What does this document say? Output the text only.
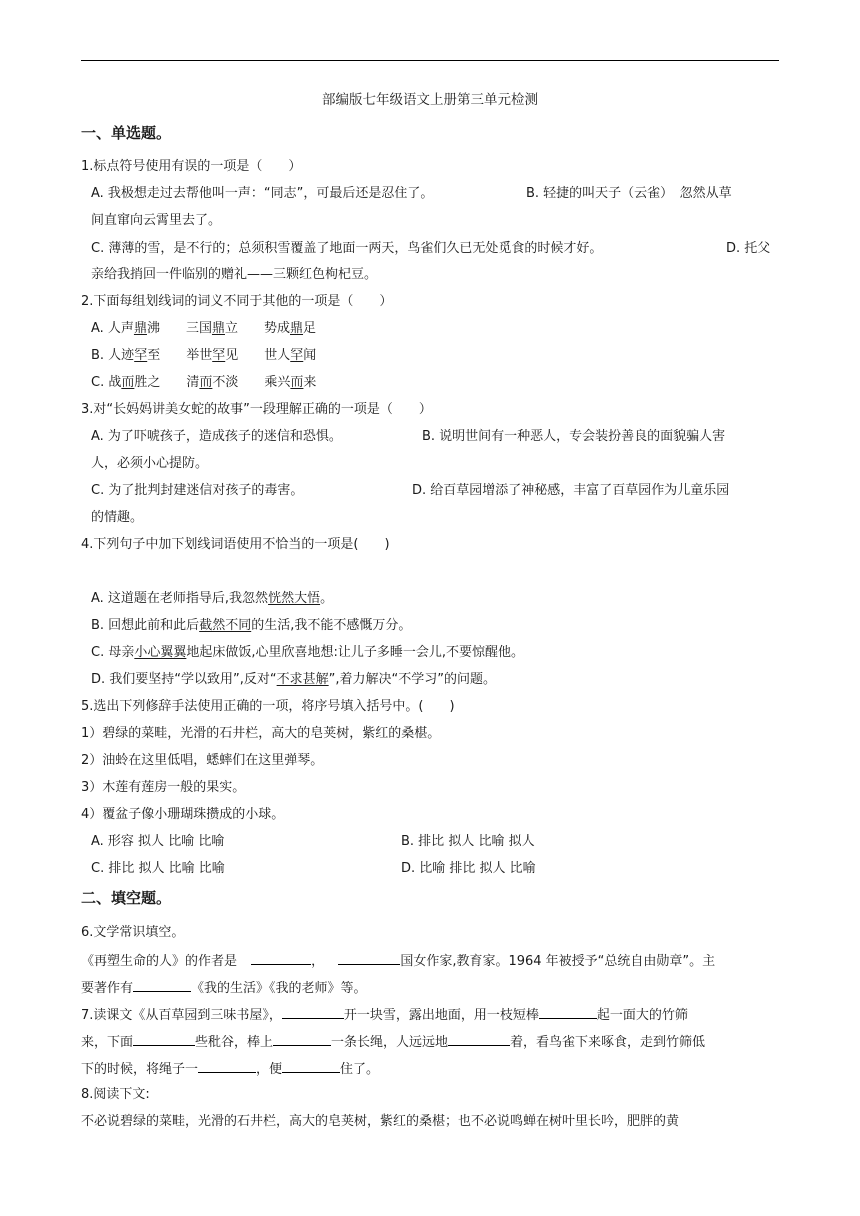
部编版七年级语文上册第三单元检测
一、单选题。
1.标点符号使用有误的一项是（　　）
A. 我极想走过去帮他叫一声：“同志”，可最后还是忍住了。	B. 轻捷的叫天子（云雀）　忽然从草
间直窜向云霄里去了。
C. 薄薄的雪，是不行的；总须积雪覆盖了地面一两天，鸟雀们久已无处觅食的时候才好。	D. 托父
亲给我捎回一件临别的赠礼——三颗红色枸杞豆。
2.下面每组划线词的词义不同于其他的一项是（　　）
A. 人声鼎沸　　三国鼎立　　势成鼎足
B. 人迹罕至　　举世罕见　　世人罕闻
C. 战而胜之　　清而不淡　　乘兴而来
3.对“长妈妈讲美女蛇的故事”一段理解正确的一项是（　　）
A. 为了吓唬孩子，造成孩子的迷信和恐惧。	B. 说明世间有一种恶人，专会装扮善良的面貌骗人害
人，必须小心提防。
C. 为了批判封建迷信对孩子的毒害。	D. 给百草园增添了神秘感，丰富了百草园作为儿童乐园
的情趣。
4.下列句子中加下划线词语使用不恰当的一项是(　　)
A. 这道题在老师指导后,我忽然恍然大悟。
B. 回想此前和此后截然不同的生活,我不能不感慨万分。
C. 母亲小心翼翼地起床做饭,心里欣喜地想:让儿子多睡一会儿,不要惊醒他。
D. 我们要坚持“学以致用”,反对“不求甚解”,着力解决“不学习”的问题。
5.选出下列修辞手法使用正确的一项，将序号填入括号中。(　　)
1）碧绿的菜畦，光滑的石井栏，高大的皂荚树，紫红的桑椹。
2）油蛉在这里低唱，蟋蟀们在这里弹琴。
3）木莲有莲房一般的果实。
4）覆盆子像小珊瑚珠攒成的小球。
A. 形容 拟人 比喻 比喻	B. 排比 拟人 比喻 拟人
C. 排比 拟人 比喻 比喻	D. 比喻 排比 拟人 比喻
二、填空题。
6.文学常识填空。
《再塑生命的人》的作者是	，	国女作家,教育家。1964 年被授予“总统自由勋章”。主
要著作有	《我的生活》《我的老师》等。
7.读课文《从百草园到三味书屋》，	开一块雪，露出地面，用一枝短棒	起一面大的竹筛
来，下面	些秕谷，棒上	一条长绳，人远远地	着，看鸟雀下来啄食，走到竹筛低
下的时候，将绳子一	，便	住了。
8.阅读下文:
不必说碧绿的菜畦，光滑的石井栏，高大的皂荚树，紫红的桑椹；也不必说鸣蝉在树叶里长吟，肥胖的黄
